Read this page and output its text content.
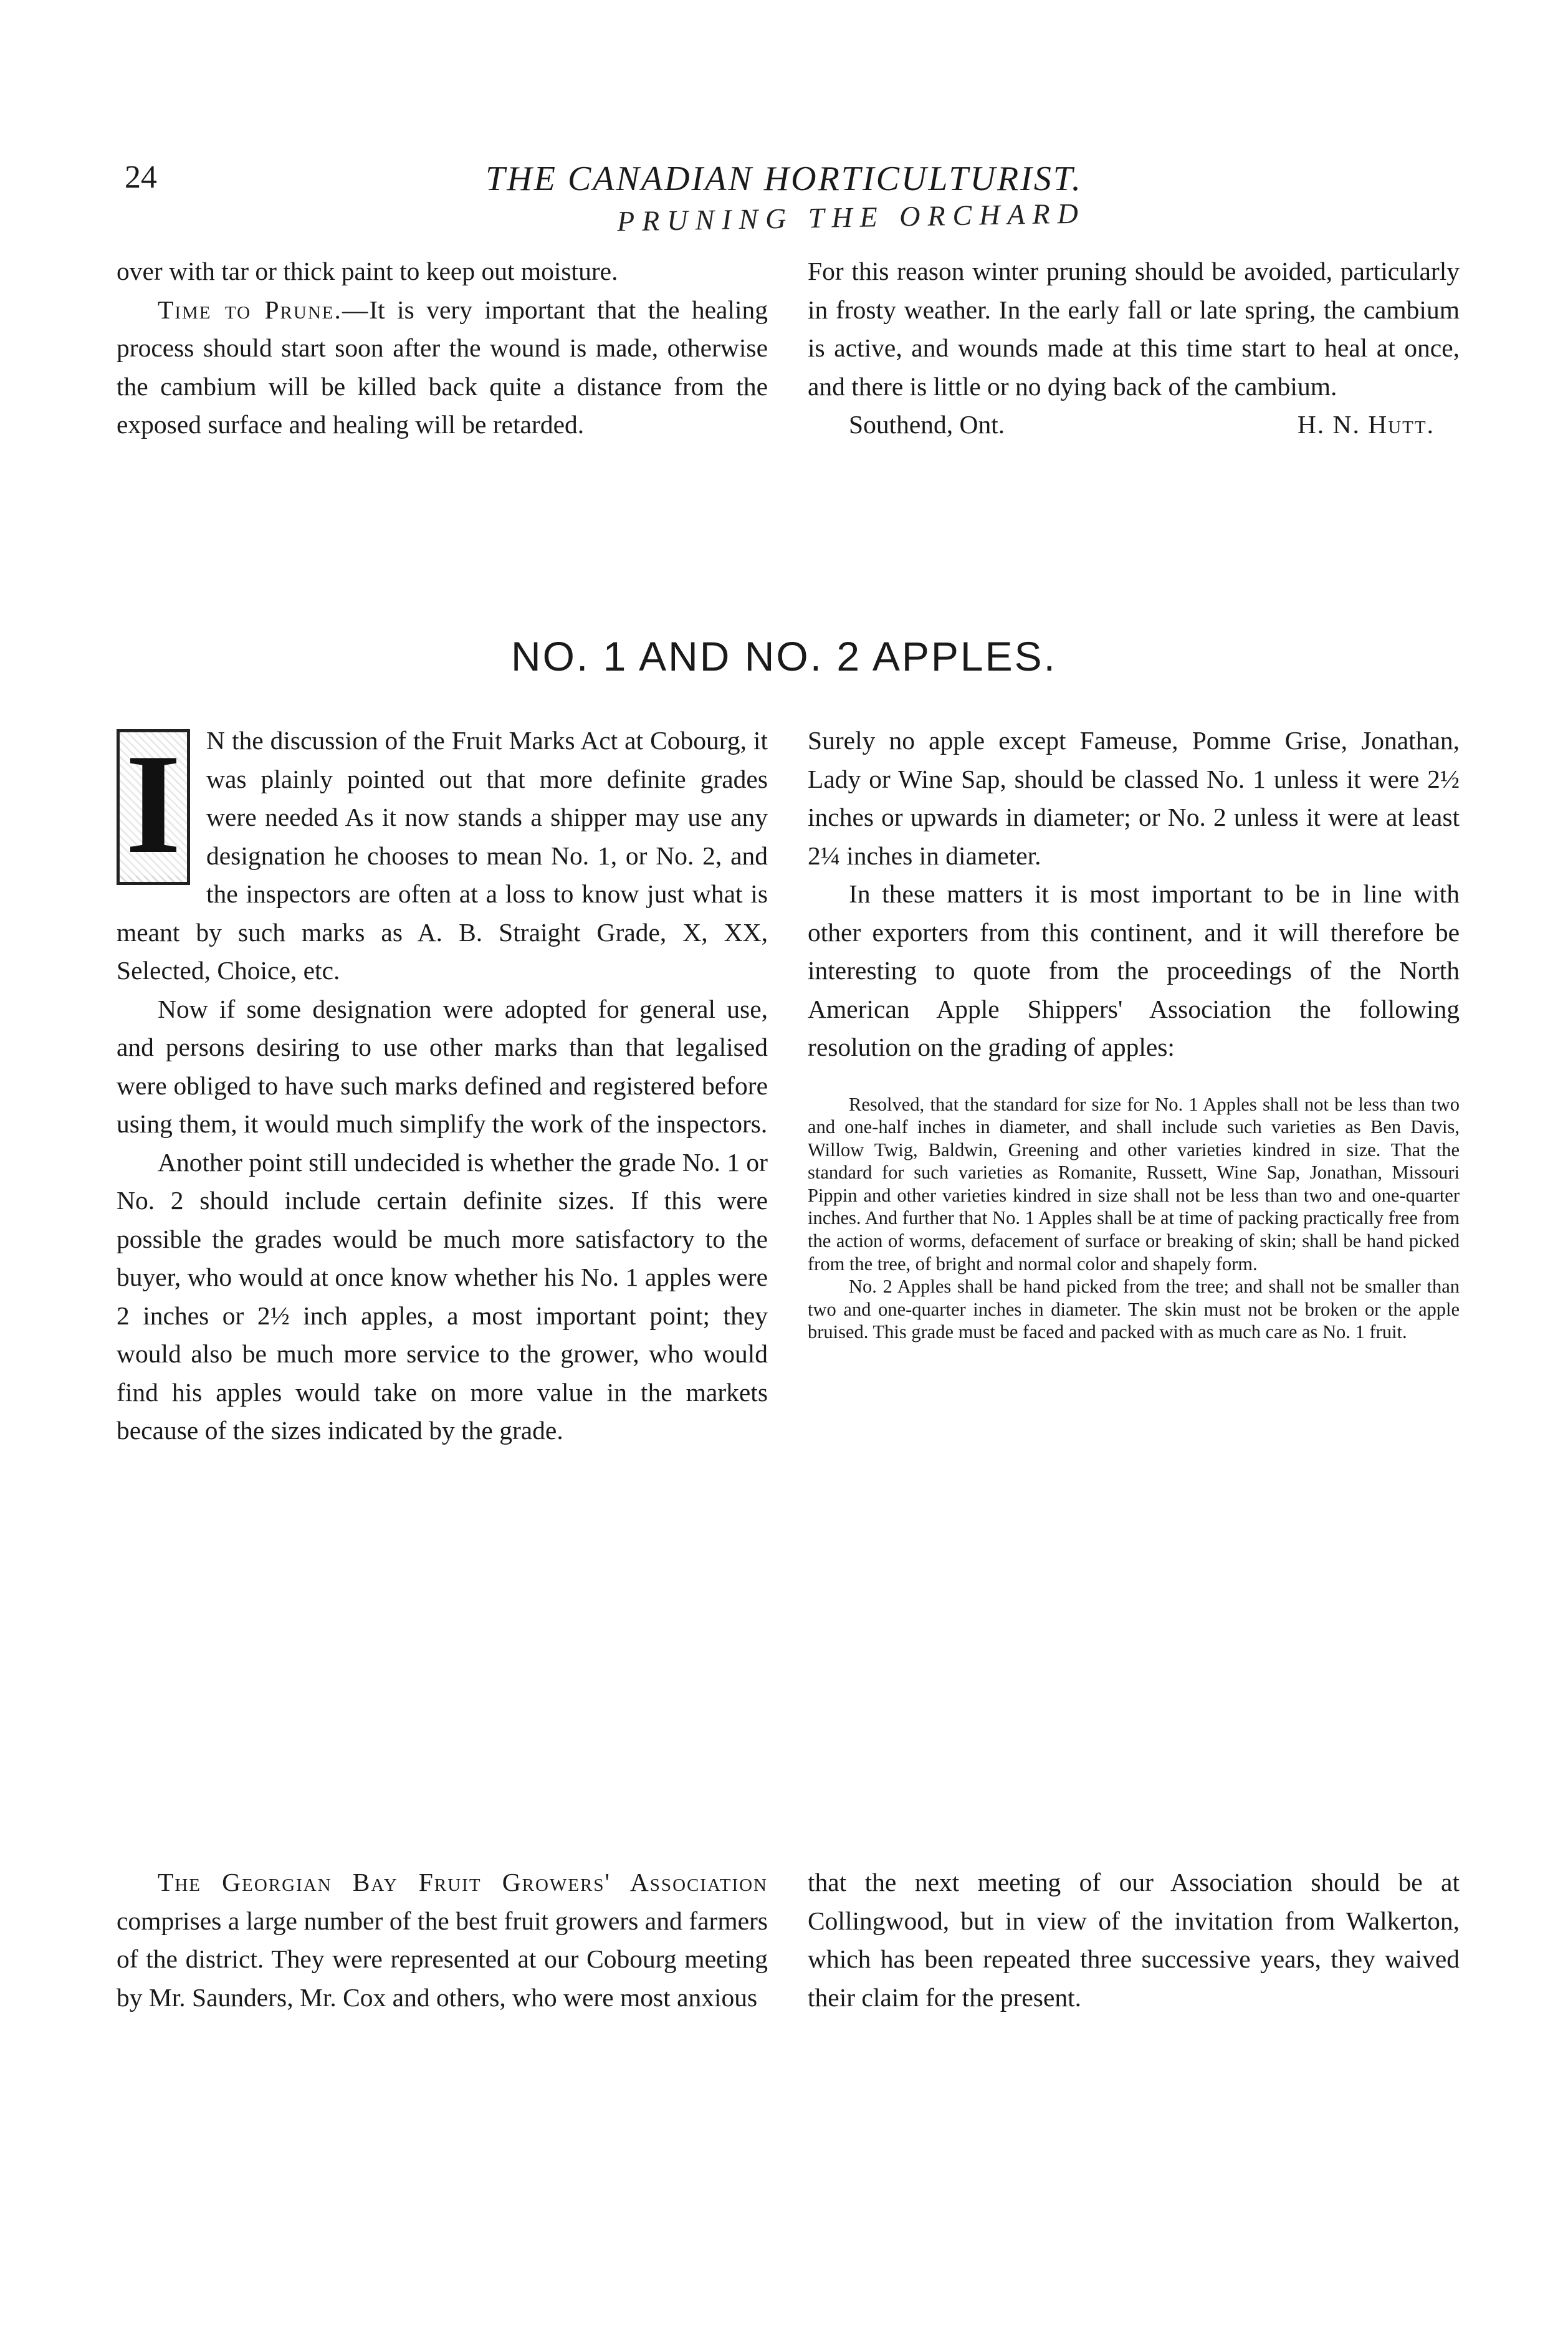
24	THE CANADIAN HORTICULTURIST.
PRUNING THE ORCHARD

over with tar or thick paint to keep out moisture.

Time to Prune.—It is very important that the healing process should start soon after the wound is made, otherwise the cambium will be killed back quite a distance from the exposed surface and healing will be retarded.

For this reason winter pruning should be avoided, particularly in frosty weather. In the early fall or late spring, the cambium is active, and wounds made at this time start to heal at once, and there is little or no dying back of the cambium.

Southend, Ont.	H. N. Hutt.
NO. 1 AND NO. 2 APPLES.

I N the discussion of the Fruit Marks Act at Cobourg, it was plainly pointed out that more definite grades were needed As it now stands a shipper may use any designation he chooses to mean No. 1, or No. 2, and the inspectors are often at a loss to know just what is meant by such marks as A. B. Straight Grade, X, XX, Selected, Choice, etc.

Now if some designation were adopted for general use, and persons desiring to use other marks than that legalised were obliged to have such marks defined and registered before using them, it would much simplify the work of the inspectors.

Another point still undecided is whether the grade No. 1 or No. 2 should include certain definite sizes. If this were possible the grades would be much more satisfactory to the buyer, who would at once know whether his No. 1 apples were 2 inches or 2½ inch apples, a most important point; they would also be much more service to the grower, who would find his apples would take on more value in the markets because of the sizes indicated by the grade.

Surely no apple except Fameuse, Pomme Grise, Jonathan, Lady or Wine Sap, should be classed No. 1 unless it were 2½ inches or upwards in diameter; or No. 2 unless it were at least 2¼ inches in diameter.

In these matters it is most important to be in line with other exporters from this continent, and it will therefore be interesting to quote from the proceedings of the North American Apple Shippers' Association the following resolution on the grading of apples:

Resolved, that the standard for size for No. 1 Apples shall not be less than two and one-half inches in diameter, and shall include such varieties as Ben Davis, Willow Twig, Baldwin, Greening and other varieties kindred in size. That the standard for such varieties as Romanite, Russett, Wine Sap, Jonathan, Missouri Pippin and other varieties kindred in size shall not be less than two and one-quarter inches. And further that No. 1 Apples shall be at time of packing practically free from the action of worms, defacement of surface or breaking of skin; shall be hand picked from the tree, of bright and normal color and shapely form.

No. 2 Apples shall be hand picked from the tree; and shall not be smaller than two and one-quarter inches in diameter. The skin must not be broken or the apple bruised. This grade must be faced and packed with as much care as No. 1 fruit.

The Georgian Bay Fruit Growers' Association comprises a large number of the best fruit growers and farmers of the district. They were represented at our Cobourg meeting by Mr. Saunders, Mr. Cox and others, who were most anxious

that the next meeting of our Association should be at Collingwood, but in view of the invitation from Walkerton, which has been repeated three successive years, they waived their claim for the present.
